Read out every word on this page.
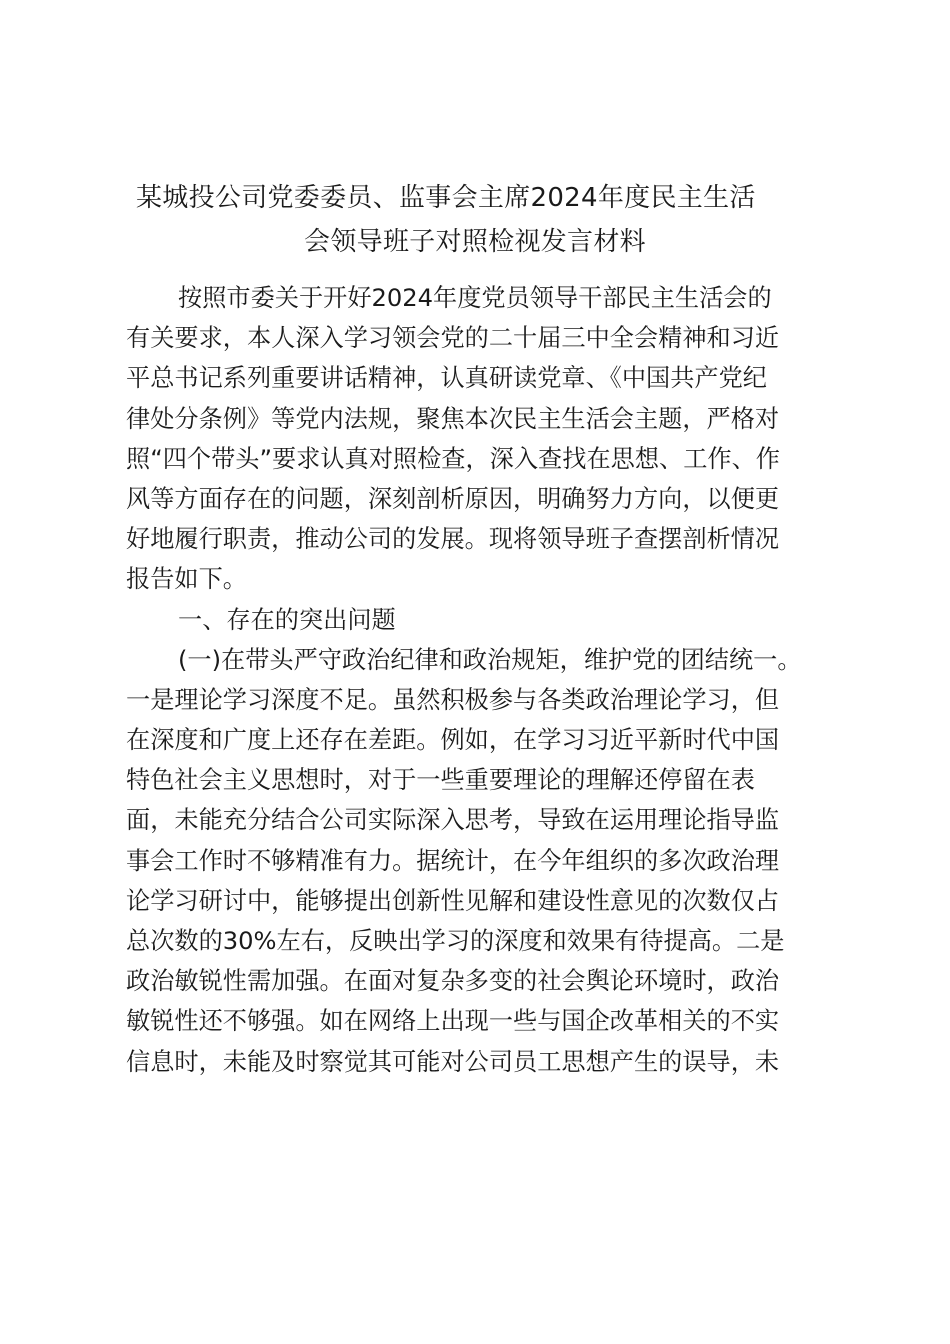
某城投公司党委委员、监事会主席2024年度民主生活
会领导班子对照检视发言材料
按照市委关于开好2024年度党员领导干部民主生活会的
有关要求，本人深入学习领会党的二十届三中全会精神和习近
平总书记系列重要讲话精神，认真研读党章、《中国共产党纪
律处分条例》等党内法规，聚焦本次民主生活会主题，严格对
照“四个带头”要求认真对照检查，深入查找在思想、工作、作
风等方面存在的问题，深刻剖析原因，明确努力方向，以便更
好地履行职责，推动公司的发展。现将领导班子查摆剖析情况
报告如下。
一、存在的突出问题
(一)在带头严守政治纪律和政治规矩，维护党的团结统一。
一是理论学习深度不足。虽然积极参与各类政治理论学习，但
在深度和广度上还存在差距。例如，在学习习近平新时代中国
特色社会主义思想时，对于一些重要理论的理解还停留在表
面，未能充分结合公司实际深入思考，导致在运用理论指导监
事会工作时不够精准有力。据统计，在今年组织的多次政治理
论学习研讨中，能够提出创新性见解和建设性意见的次数仅占
总次数的30%左右，反映出学习的深度和效果有待提高。二是
政治敏锐性需加强。在面对复杂多变的社会舆论环境时，政治
敏锐性还不够强。如在网络上出现一些与国企改革相关的不实
信息时，未能及时察觉其可能对公司员工思想产生的误导，未
